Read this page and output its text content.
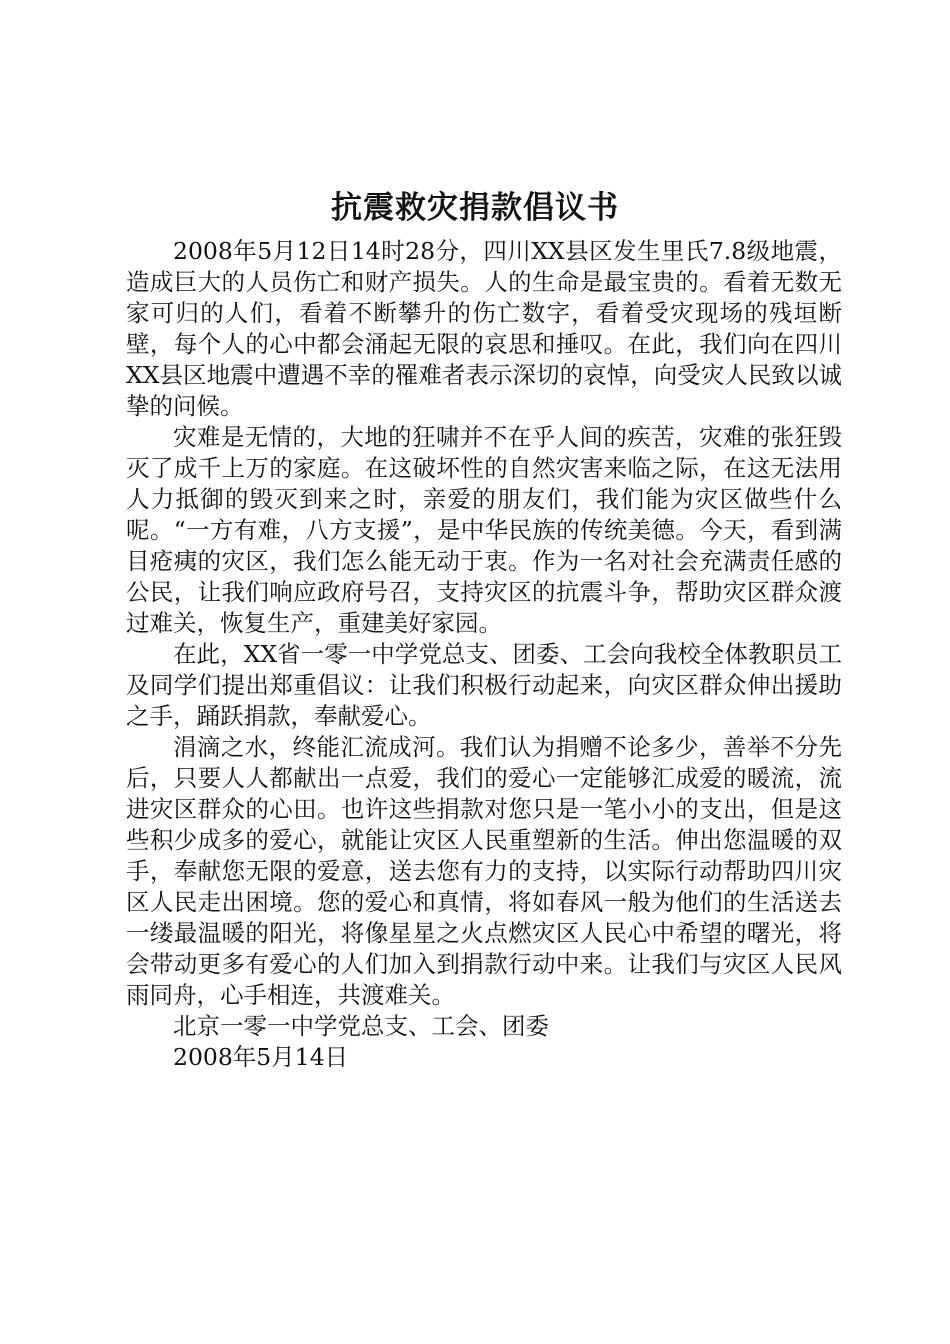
抗震救灾捐款倡议书

2008年5月12日14时28分，四川XX县区发生里氏7.8级地震，造成巨大的人员伤亡和财产损失。人的生命是最宝贵的。看着无数无家可归的人们，看着不断攀升的伤亡数字，看着受灾现场的残垣断壁，每个人的心中都会涌起无限的哀思和捶叹。在此，我们向在四川XX县区地震中遭遇不幸的罹难者表示深切的哀悼，向受灾人民致以诚挚的问候。

灾难是无情的，大地的狂啸并不在乎人间的疾苦，灾难的张狂毁灭了成千上万的家庭。在这破坏性的自然灾害来临之际，在这无法用人力抵御的毁灭到来之时，亲爱的朋友们，我们能为灾区做些什么呢。“一方有难，八方支援”，是中华民族的传统美德。今天，看到满目疮痍的灾区，我们怎么能无动于衷。作为一名对社会充满责任感的公民，让我们响应政府号召，支持灾区的抗震斗争，帮助灾区群众渡过难关，恢复生产，重建美好家园。

在此，XX省一零一中学党总支、团委、工会向我校全体教职员工及同学们提出郑重倡议：让我们积极行动起来，向灾区群众伸出援助之手，踊跃捐款，奉献爱心。

涓滴之水，终能汇流成河。我们认为捐赠不论多少，善举不分先后，只要人人都献出一点爱，我们的爱心一定能够汇成爱的暖流，流进灾区群众的心田。也许这些捐款对您只是一笔小小的支出，但是这些积少成多的爱心，就能让灾区人民重塑新的生活。伸出您温暖的双手，奉献您无限的爱意，送去您有力的支持，以实际行动帮助四川灾区人民走出困境。您的爱心和真情，将如春风一般为他们的生活送去一缕最温暖的阳光，将像星星之火点燃灾区人民心中希望的曙光，将会带动更多有爱心的人们加入到捐款行动中来。让我们与灾区人民风雨同舟，心手相连，共渡难关。

北京一零一中学党总支、工会、团委

2008年5月14日
